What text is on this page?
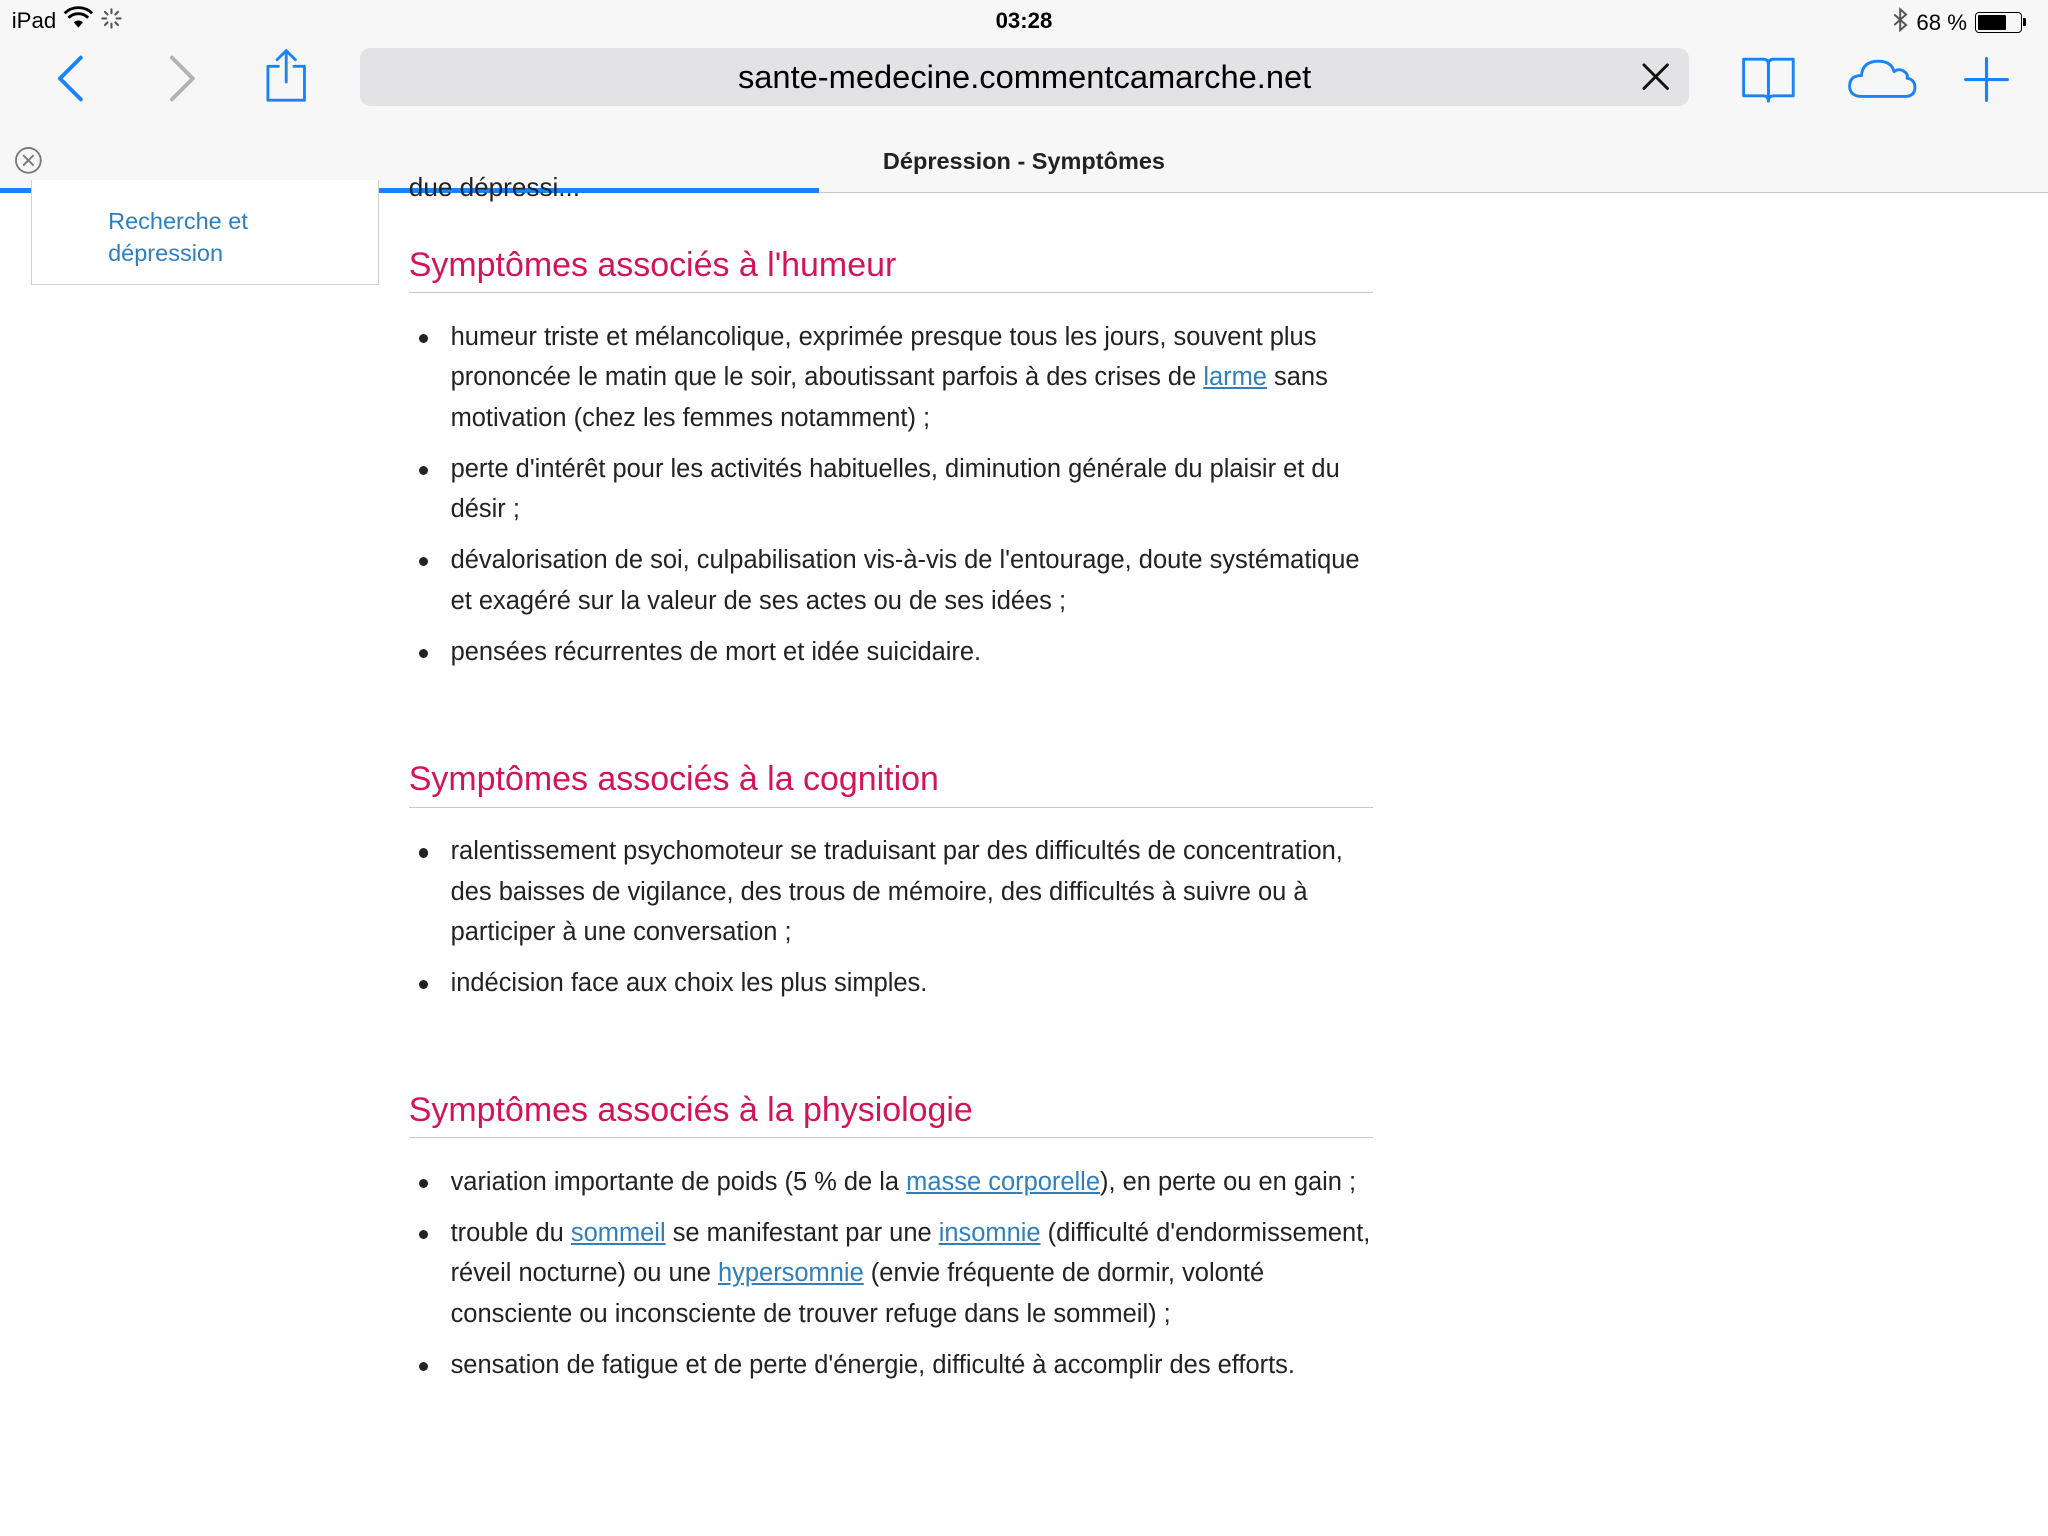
iPad	03:28	68 %
sante-medecine.commentcamarche.net
Dépression - Symptômes
due dépressi...
Recherche et dépression	Symptômes associés à l'humeur
humeur triste et mélancolique, exprimée presque tous les jours, souvent plus prononcée le matin que le soir, aboutissant parfois à des crises de larme sans motivation (chez les femmes notamment) ;
perte d'intérêt pour les activités habituelles, diminution générale du plaisir et du désir ;
dévalorisation de soi, culpabilisation vis-à-vis de l'entourage, doute systématique et exagéré sur la valeur de ses actes ou de ses idées ;
pensées récurrentes de mort et idée suicidaire.
Symptômes associés à la cognition
ralentissement psychomoteur se traduisant par des difficultés de concentration, des baisses de vigilance, des trous de mémoire, des difficultés à suivre ou à participer à une conversation ;
indécision face aux choix les plus simples.
Symptômes associés à la physiologie
variation importante de poids (5 % de la masse corporelle), en perte ou en gain ;
trouble du sommeil se manifestant par une insomnie (difficulté d'endormissement, réveil nocturne) ou une hypersomnie (envie fréquente de dormir, volonté consciente ou inconsciente de trouver refuge dans le sommeil) ;
sensation de fatigue et de perte d'énergie, difficulté à accomplir des efforts.
